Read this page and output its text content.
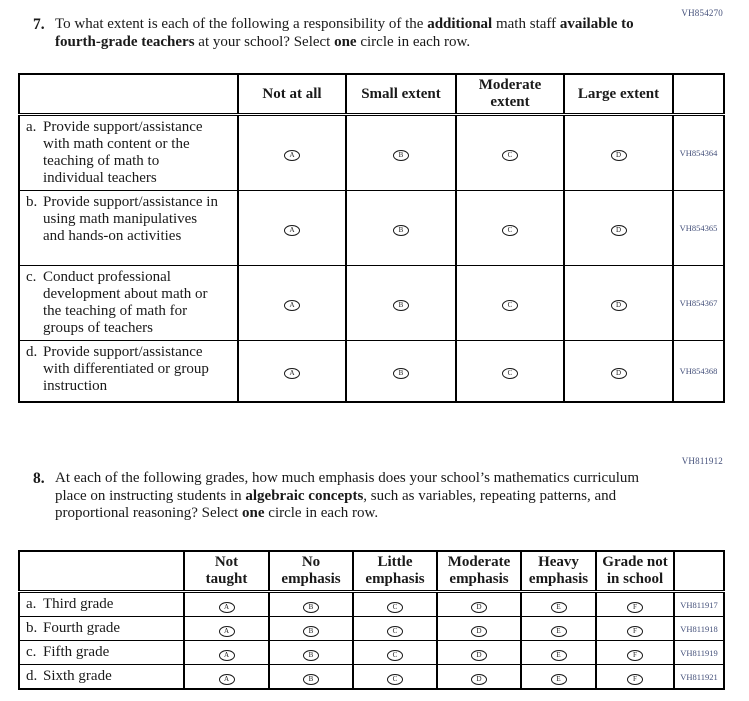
VH854270
7. To what extent is each of the following a responsibility of the additional math staff available to fourth-grade teachers at your school? Select one circle in each row.
	Not at all	Small extent	Moderate extent	Large extent	

a. Provide support/assistance with math content or the teaching of math to individual teachers	A	B	C	D	VH854364

b. Provide support/assistance in using math manipulatives and hands-on activities	A	B	C	D	VH854365

c. Conduct professional development about math or the teaching of math for groups of teachers	A	B	C	D	VH854367

d. Provide support/assistance with differentiated or group instruction	A	B	C	D	VH854368
VH811912
8. At each of the following grades, how much emphasis does your school’s mathematics curriculum place on instructing students in algebraic concepts, such as variables, repeating patterns, and proportional reasoning? Select one circle in each row.

	Not
taught	No
emphasis	Little
emphasis	Moderate
emphasis	Heavy
emphasis	Grade not
in school	

a. Third grade	A	B	C	D	E	F	VH811917

b. Fourth grade	A	B	C	D	E	F	VH811918

c. Fifth grade	A	B	C	D	E	F	VH811919

d. Sixth grade	A	B	C	D	E	F	VH811921
